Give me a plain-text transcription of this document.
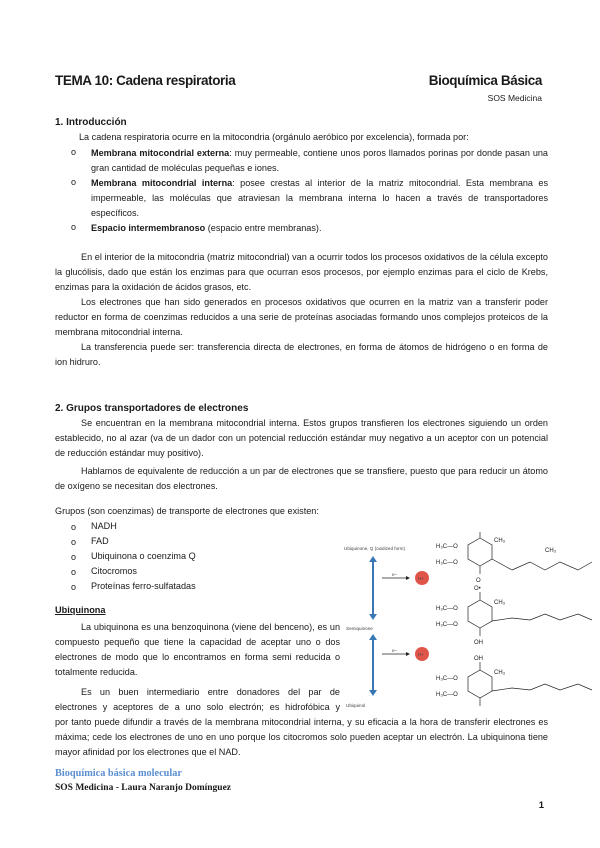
TEMA 10: Cadena respiratoria	Bioquímica Básica
SOS Medicina
1. Introducción
La cadena respiratoria ocurre en la mitocondria (orgánulo aeróbico por excelencia), formada por:
o Membrana mitocondrial externa: muy permeable, contiene unos poros llamados porinas por donde pasan una gran cantidad de moléculas pequeñas e iones.
o Membrana mitocondrial interna: posee crestas al interior de la matriz mitocondrial. Esta membrana es impermeable, las moléculas que atraviesan la membrana interna lo hacen a través de transportadores específicos.
o Espacio intermembranoso (espacio entre membranas).
En el interior de la mitocondria (matriz mitocondrial) van a ocurrir todos los procesos oxidativos de la célula excepto la glucólisis, dado que están los enzimas para que ocurran esos procesos, por ejemplo enzimas para el ciclo de Krebs, enzimas para la oxidación de ácidos grasos, etc.
Los electrones que han sido generados en procesos oxidativos que ocurren en la matriz van a transferir poder reductor en forma de coenzimas reducidos a una serie de proteínas asociadas formando unos complejos proteicos de la membrana mitocondrial interna.
La transferencia puede ser: transferencia directa de electrones, en forma de átomos de hidrógeno o en forma de ion hidruro.
2. Grupos transportadores de electrones
Se encuentran en la membrana mitocondrial interna. Estos grupos transfieren los electrones siguiendo un orden establecido, no al azar (va de un dador con un potencial reducción estándar muy negativo a un aceptor con un potencial de reducción estándar muy positivo).
Hablamos de equivalente de reducción a un par de electrones que se transfiere, puesto que para reducir un átomo de oxígeno se necesitan dos electrones.
Grupos (son coenzimas) de transporte de electrones que existen:
o NADH
o FAD
o Ubiquinona o coenzima Q
o Citocromos
o Proteínas ferro-sulfatadas
Ubiquinona
La ubiquinona es una benzoquinona (viene del benceno), es un compuesto pequeño que tiene la capacidad de aceptar uno o dos electrones de modo que lo encontramos en forma semi reducida o totalmente reducida.
Es un buen intermediario entre donadores del par de
electrones y aceptores de a uno solo electrón; es hidrofóbica y
por tanto puede difundir a través de la membrana mitocondrial interna, y su eficacia a la hora de transferir electrones es máxima; cede los electrones de uno en uno porque los citocromos solo pueden aceptar un electrón. La ubiquinona tiene mayor afinidad por los electrones que el NAD.
Ubiquinone, Q (oxidized form)
Semiquinone
Ubiquinol
e−
H+
e−
H+
H₃C—O
H₃C—O
CH₃
O
CH₃
H₃C—O
H₃C—O
CH₃
O•
OH
H₃C—O
H₃C—O
CH₃
OH
Bioquímica básica molecular
SOS Medicina - Laura Naranjo Domínguez
1
